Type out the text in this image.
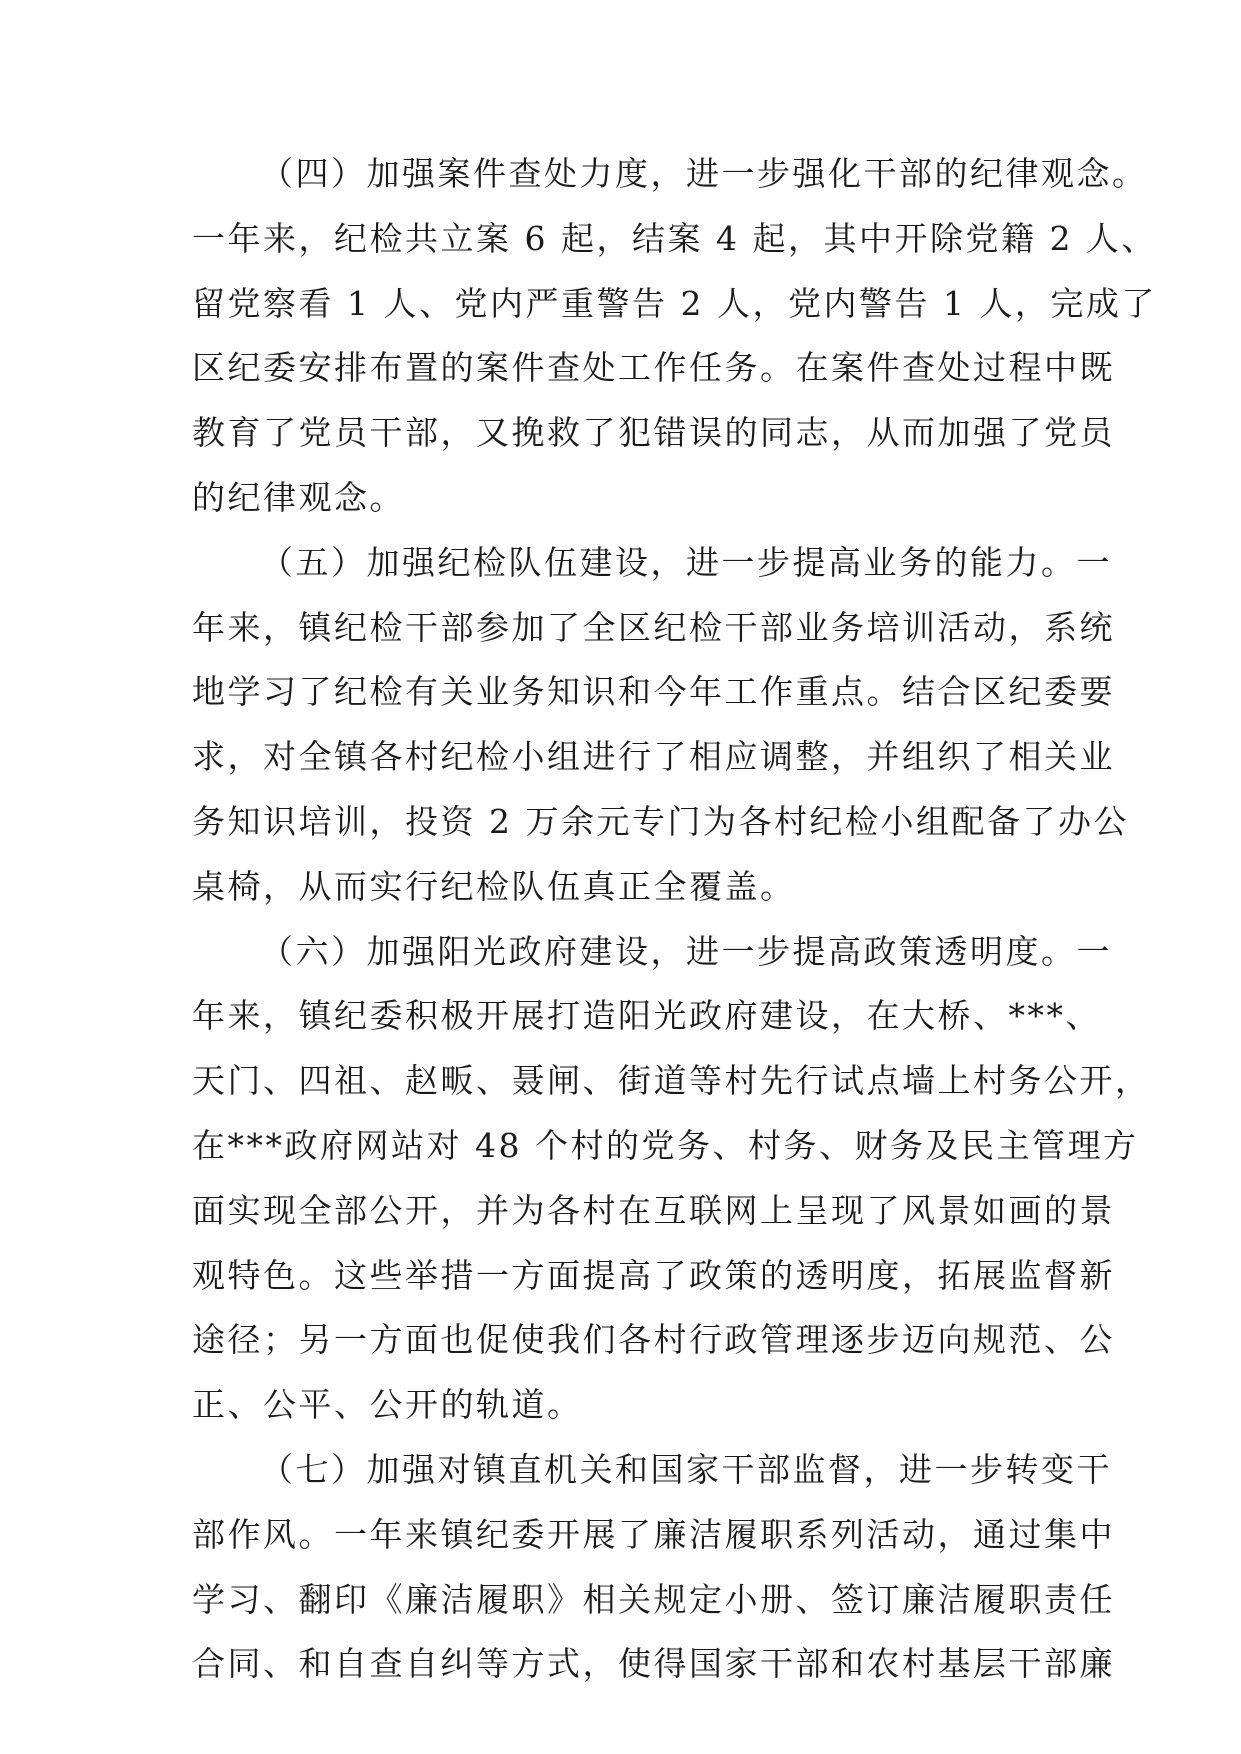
（四）加强案件查处力度，进一步强化干部的纪律观念。
一年来，纪检共立案 6 起，结案 4 起，其中开除党籍 2 人、
留党察看 1 人、党内严重警告 2 人，党内警告 1 人，完成了
区纪委安排布置的案件查处工作任务。在案件查处过程中既
教育了党员干部，又挽救了犯错误的同志，从而加强了党员
的纪律观念。
（五）加强纪检队伍建设，进一步提高业务的能力。一
年来，镇纪检干部参加了全区纪检干部业务培训活动，系统
地学习了纪检有关业务知识和今年工作重点。结合区纪委要
求，对全镇各村纪检小组进行了相应调整，并组织了相关业
务知识培训，投资 2 万余元专门为各村纪检小组配备了办公
桌椅，从而实行纪检队伍真正全覆盖。
（六）加强阳光政府建设，进一步提高政策透明度。一
年来，镇纪委积极开展打造阳光政府建设，在大桥、***、
天门、四祖、赵畈、聂闸、街道等村先行试点墙上村务公开，
在***政府网站对 48 个村的党务、村务、财务及民主管理方
面实现全部公开，并为各村在互联网上呈现了风景如画的景
观特色。这些举措一方面提高了政策的透明度，拓展监督新
途径；另一方面也促使我们各村行政管理逐步迈向规范、公
正、公平、公开的轨道。
（七）加强对镇直机关和国家干部监督，进一步转变干
部作风。一年来镇纪委开展了廉洁履职系列活动，通过集中
学习、翻印《廉洁履职》相关规定小册、签订廉洁履职责任
合同、和自查自纠等方式，使得国家干部和农村基层干部廉
